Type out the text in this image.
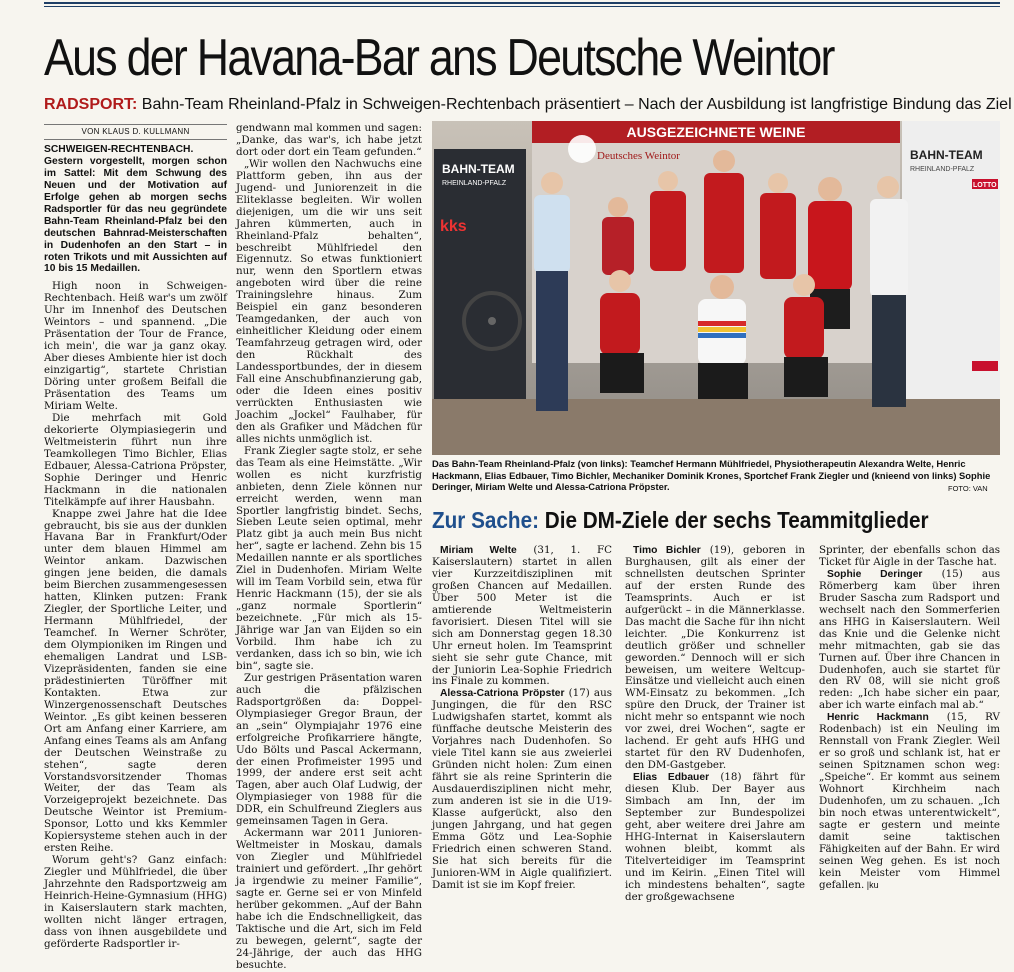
Aus der Havana-Bar ans Deutsche Weintor
RADSPORT: Bahn-Team Rheinland-Pfalz in Schweigen-Rechtenbach präsentiert – Nach der Ausbildung ist langfristige Bindung das Ziel
VON KLAUS D. KULLMANN
SCHWEIGEN-RECHTENBACH. Gestern vorgestellt, morgen schon im Sattel: Mit dem Schwung des Neuen und der Motivation auf Erfolge gehen ab morgen sechs Radsportler für das neu gegründete Bahn-Team Rheinland-Pfalz bei den deutschen Bahnrad-Meisterschaften in Dudenhofen an den Start – in roten Trikots und mit Aussichten auf 10 bis 15 Medaillen.

High noon in Schweigen-Rechtenbach. Heiß war's um zwölf Uhr im Innenhof des Deutschen Weintors – und spannend. „Die Präsentation der Tour de France, ich mein', die war ja ganz okay. Aber dieses Ambiente hier ist doch einzigartig“, startete Christian Döring unter großem Beifall die Präsentation des Teams um Miriam Welte.

Die mehrfach mit Gold dekorierte Olympiasiegerin und Weltmeisterin führt nun ihre Teamkollegen Timo Bichler, Elias Edbauer, Alessa-Catriona Pröpster, Sophie Deringer und Henric Hackmann in die nationalen Titelkämpfe auf ihrer Hausbahn.

Knappe zwei Jahre hat die Idee gebraucht, bis sie aus der dunklen Havana Bar in Frankfurt/Oder unter dem blauen Himmel am Weintor ankam. Dazwischen gingen jene beiden, die damals beim Bierchen zusammengesessen hatten, Klinken putzen: Frank Ziegler, der Sportliche Leiter, und Hermann Mühlfriedel, der Teamchef. In Werner Schröter, dem Olympioniken im Ringen und ehemaligen Landrat und LSB-Vizepräsidenten, fanden sie eine prädestinierten Türöffner mit Kontakten. Etwa zur Winzergenossenschaft Deutsches Weintor. „Es gibt keinen besseren Ort am Anfang einer Karriere, am Anfang eines Teams als am Anfang der Deutschen Weinstraße zu stehen“, sagte deren Vorstandsvorsitzender Thomas Weiter, der das Team als Vorzeigeprojekt bezeichnete. Das Deutsche Weintor ist Premium-Sponsor, Lotto und kks Kemmler Kopiersysteme stehen auch in der ersten Reihe.

Worum geht's? Ganz einfach: Ziegler und Mühlfriedel, die über Jahrzehnte den Radsportzweig am Heinrich-Heine-Gymnasium (HHG) in Kaiserslautern stark machten, wollten nicht länger ertragen, dass von ihnen ausgebildete und geförderte Radsportler ir-

gendwann mal kommen und sagen: „Danke, das war's, ich habe jetzt dort oder dort ein Team gefunden.“

„Wir wollen den Nachwuchs eine Plattform geben, ihn aus der Jugend- und Juniorenzeit in die Eliteklasse begleiten. Wir wollen diejenigen, um die wir uns seit Jahren kümmerten, auch in Rheinland-Pfalz behalten“, beschreibt Mühlfriedel den Eigennutz. So etwas funktioniert nur, wenn den Sportlern etwas angeboten wird über die reine Trainingslehre hinaus. Zum Beispiel ein ganz besonderen Teamgedanken, der auch von einheitlicher Kleidung oder einem Teamfahrzeug getragen wird, oder den Rückhalt des Landessportbundes, der in diesem Fall eine Anschubfinanzierung gab, oder die Ideen eines positiv verrückten Enthusiasten wie Joachim „Jockel“ Faulhaber, für den als Grafiker und Mädchen für alles nichts unmöglich ist.

Frank Ziegler sagte stolz, er sehe das Team als eine Heimstätte. „Wir wollen es nicht kurzfristig anbieten, denn Ziele können nur erreicht werden, wenn man Sportler langfristig bindet. Sechs, Sieben Leute seien optimal, mehr Platz gibt ja auch mein Bus nicht her“, sagte er lachend. Zehn bis 15 Medaillen nannte er als sportliches Ziel in Dudenhofen. Miriam Welte will im Team Vorbild sein, etwa für Henric Hackmann (15), der sie als „ganz normale Sportlerin“ bezeichnete. „Für mich als 15-Jährige war Jan van Eijden so ein Vorbild. Ihm habe ich zu verdanken, dass ich so bin, wie ich bin“, sagte sie.

Zur gestrigen Präsentation waren auch die pfälzischen Radsportgrößen da: Doppel-Olympiasieger Gregor Braun, der an „sein“ Olympiajahr 1976 eine erfolgreiche Profikarriere hängte, Udo Bölts und Pascal Ackermann, der einen Profimeister 1995 und 1999, der andere erst seit acht Tagen, aber auch Olaf Ludwig, der Olympiasieger von 1988 für die DDR, ein Schulfreund Zieglers aus gemeinsamen Tagen in Gera.

Ackermann war 2011 Junioren-Weltmeister in Moskau, damals von Ziegler und Mühlfriedel trainiert und gefördert. „Ihr gehört ja irgendwie zu meiner Familie“, sagte er. Gerne sei er von Minfeld herüber gekommen. „Auf der Bahn habe ich die Endschnelligkeit, das Taktische und die Art, sich im Feld zu bewegen, gelernt“, sagte der 24-Jährige, der auch das HHG besuchte.

AUSGEZEICHNETE WEINE
Deutsches Weintor
BAHN-TEAM
RHEINLAND-PFALZ
kks
BAHN-TEAM
RHEINLAND-PFALZ
LOTTO
Das Bahn-Team Rheinland-Pfalz (von links): Teamchef Hermann Mühlfriedel, Physiotherapeutin Alexandra Welte, Henric Hackmann, Elias Edbauer, Timo Bichler, Mechaniker Dominik Krones, Sportchef Frank Ziegler und (knieend von links) Sophie Deringer, Miriam Welte und Alessa-Catriona Pröpster.	FOTO: VAN
Zur Sache: Die DM-Ziele der sechs Teammitglieder

Miriam Welte (31, 1. FC Kaiserslautern) startet in allen vier Kurzzeitdisziplinen mit großen Chancen auf Medaillen. Über 500 Meter ist die amtierende Weltmeisterin favorisiert. Diesen Titel will sie sich am Donnerstag gegen 18.30 Uhr erneut holen. Im Teamsprint sieht sie sehr gute Chance, mit der Juniorin Lea-Sophie Friedrich ins Finale zu kommen.

Alessa-Catriona Pröpster (17) aus Jungingen, die für den RSC Ludwigshafen startet, kommt als fünffache deutsche Meisterin des Vorjahres nach Dudenhofen. So viele Titel kann sie aus zweierlei Gründen nicht holen: Zum einen fährt sie als reine Sprinterin die Ausdauerdisziplinen nicht mehr, zum anderen ist sie in die U19-Klasse aufgerückt, also den jungen Jahrgang, und hat gegen Emma Götz und Lea-Sophie Friedrich einen schweren Stand. Sie hat sich bereits für die Junioren-WM in Aigle qualifiziert. Damit ist sie im Kopf freier.

Timo Bichler (19), geboren in Burghausen, gilt als einer der schnellsten deutschen Sprinter auf der ersten Runde des Teamsprints. Auch er ist aufgerückt – in die Männerklasse. Das macht die Sache für ihn nicht leichter. „Die Konkurrenz ist deutlich größer und schneller geworden.“ Dennoch will er sich beweisen, um weitere Weltcup-Einsätze und vielleicht auch einen WM-Einsatz zu bekommen. „Ich spüre den Druck, der Trainer ist nicht mehr so entspannt wie noch vor zwei, drei Wochen“, sagte er lachend. Er geht aufs HHG und startet für den RV Dudenhofen, den DM-Gastgeber.

Elias Edbauer (18) fährt für diesen Klub. Der Bayer aus Simbach am Inn, der im September zur Bundespolizei geht, aber weitere drei Jahre am HHG-Internat in Kaiserslautern wohnen bleibt, kommt als Titelverteidiger im Teamsprint und im Keirin. „Einen Titel will ich mindestens behalten“, sagte der großgewachsene

Sprinter, der ebenfalls schon das Ticket für Aigle in der Tasche hat.

Sophie Deringer (15) aus Römerberg kam über ihren Bruder Sascha zum Radsport und wechselt nach den Sommerferien ans HHG in Kaiserslautern. Weil das Knie und die Gelenke nicht mehr mitmachten, gab sie das Turnen auf. Über ihre Chancen in Dudenhofen, auch sie startet für den RV 08, will sie nicht groß reden: „Ich habe sicher ein paar, aber ich warte einfach mal ab.“

Henric Hackmann (15, RV Rodenbach) ist ein Neuling im Rennstall von Frank Ziegler. Weil er so groß und schlank ist, hat er seinen Spitznamen schon weg: „Speiche“. Er kommt aus seinem Wohnort Kirchheim nach Dudenhofen, um zu schauen. „Ich bin noch etwas unterentwickelt“, sagte er gestern und meinte damit seine taktischen Fähigkeiten auf der Bahn. Er wird seinen Weg gehen. Es ist noch kein Meister vom Himmel gefallen. |ku
